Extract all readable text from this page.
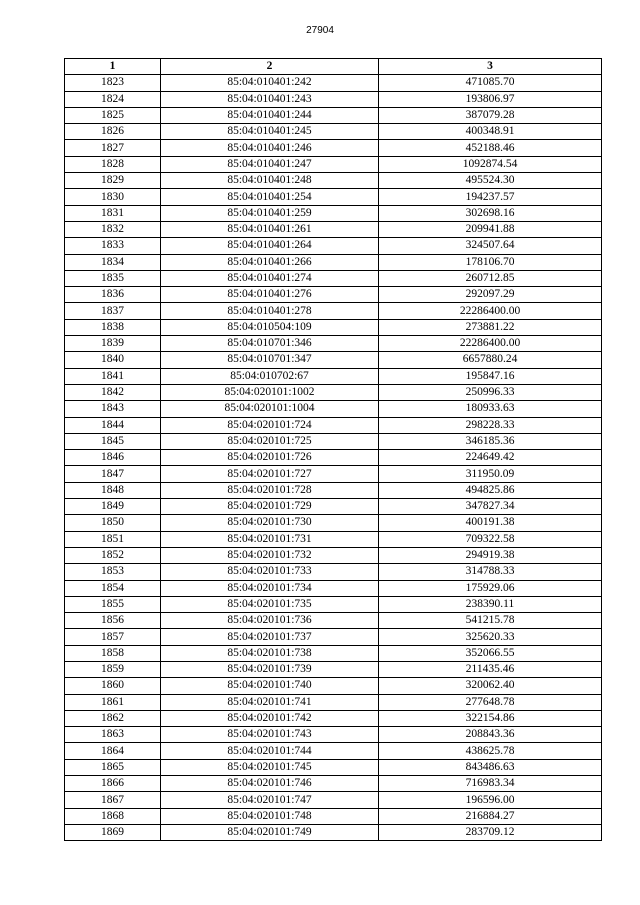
27904
1	2	3
1823	85:04:010401:242	471085.70
1824	85:04:010401:243	193806.97
1825	85:04:010401:244	387079.28
1826	85:04:010401:245	400348.91
1827	85:04:010401:246	452188.46
1828	85:04:010401:247	1092874.54
1829	85:04:010401:248	495524.30
1830	85:04:010401:254	194237.57
1831	85:04:010401:259	302698.16
1832	85:04:010401:261	209941.88
1833	85:04:010401:264	324507.64
1834	85:04:010401:266	178106.70
1835	85:04:010401:274	260712.85
1836	85:04:010401:276	292097.29
1837	85:04:010401:278	22286400.00
1838	85:04:010504:109	273881.22
1839	85:04:010701:346	22286400.00
1840	85:04:010701:347	6657880.24
1841	85:04:010702:67	195847.16
1842	85:04:020101:1002	250996.33
1843	85:04:020101:1004	180933.63
1844	85:04:020101:724	298228.33
1845	85:04:020101:725	346185.36
1846	85:04:020101:726	224649.42
1847	85:04:020101:727	311950.09
1848	85:04:020101:728	494825.86
1849	85:04:020101:729	347827.34
1850	85:04:020101:730	400191.38
1851	85:04:020101:731	709322.58
1852	85:04:020101:732	294919.38
1853	85:04:020101:733	314788.33
1854	85:04:020101:734	175929.06
1855	85:04:020101:735	238390.11
1856	85:04:020101:736	541215.78
1857	85:04:020101:737	325620.33
1858	85:04:020101:738	352066.55
1859	85:04:020101:739	211435.46
1860	85:04:020101:740	320062.40
1861	85:04:020101:741	277648.78
1862	85:04:020101:742	322154.86
1863	85:04:020101:743	208843.36
1864	85:04:020101:744	438625.78
1865	85:04:020101:745	843486.63
1866	85:04:020101:746	716983.34
1867	85:04:020101:747	196596.00
1868	85:04:020101:748	216884.27
1869	85:04:020101:749	283709.12
